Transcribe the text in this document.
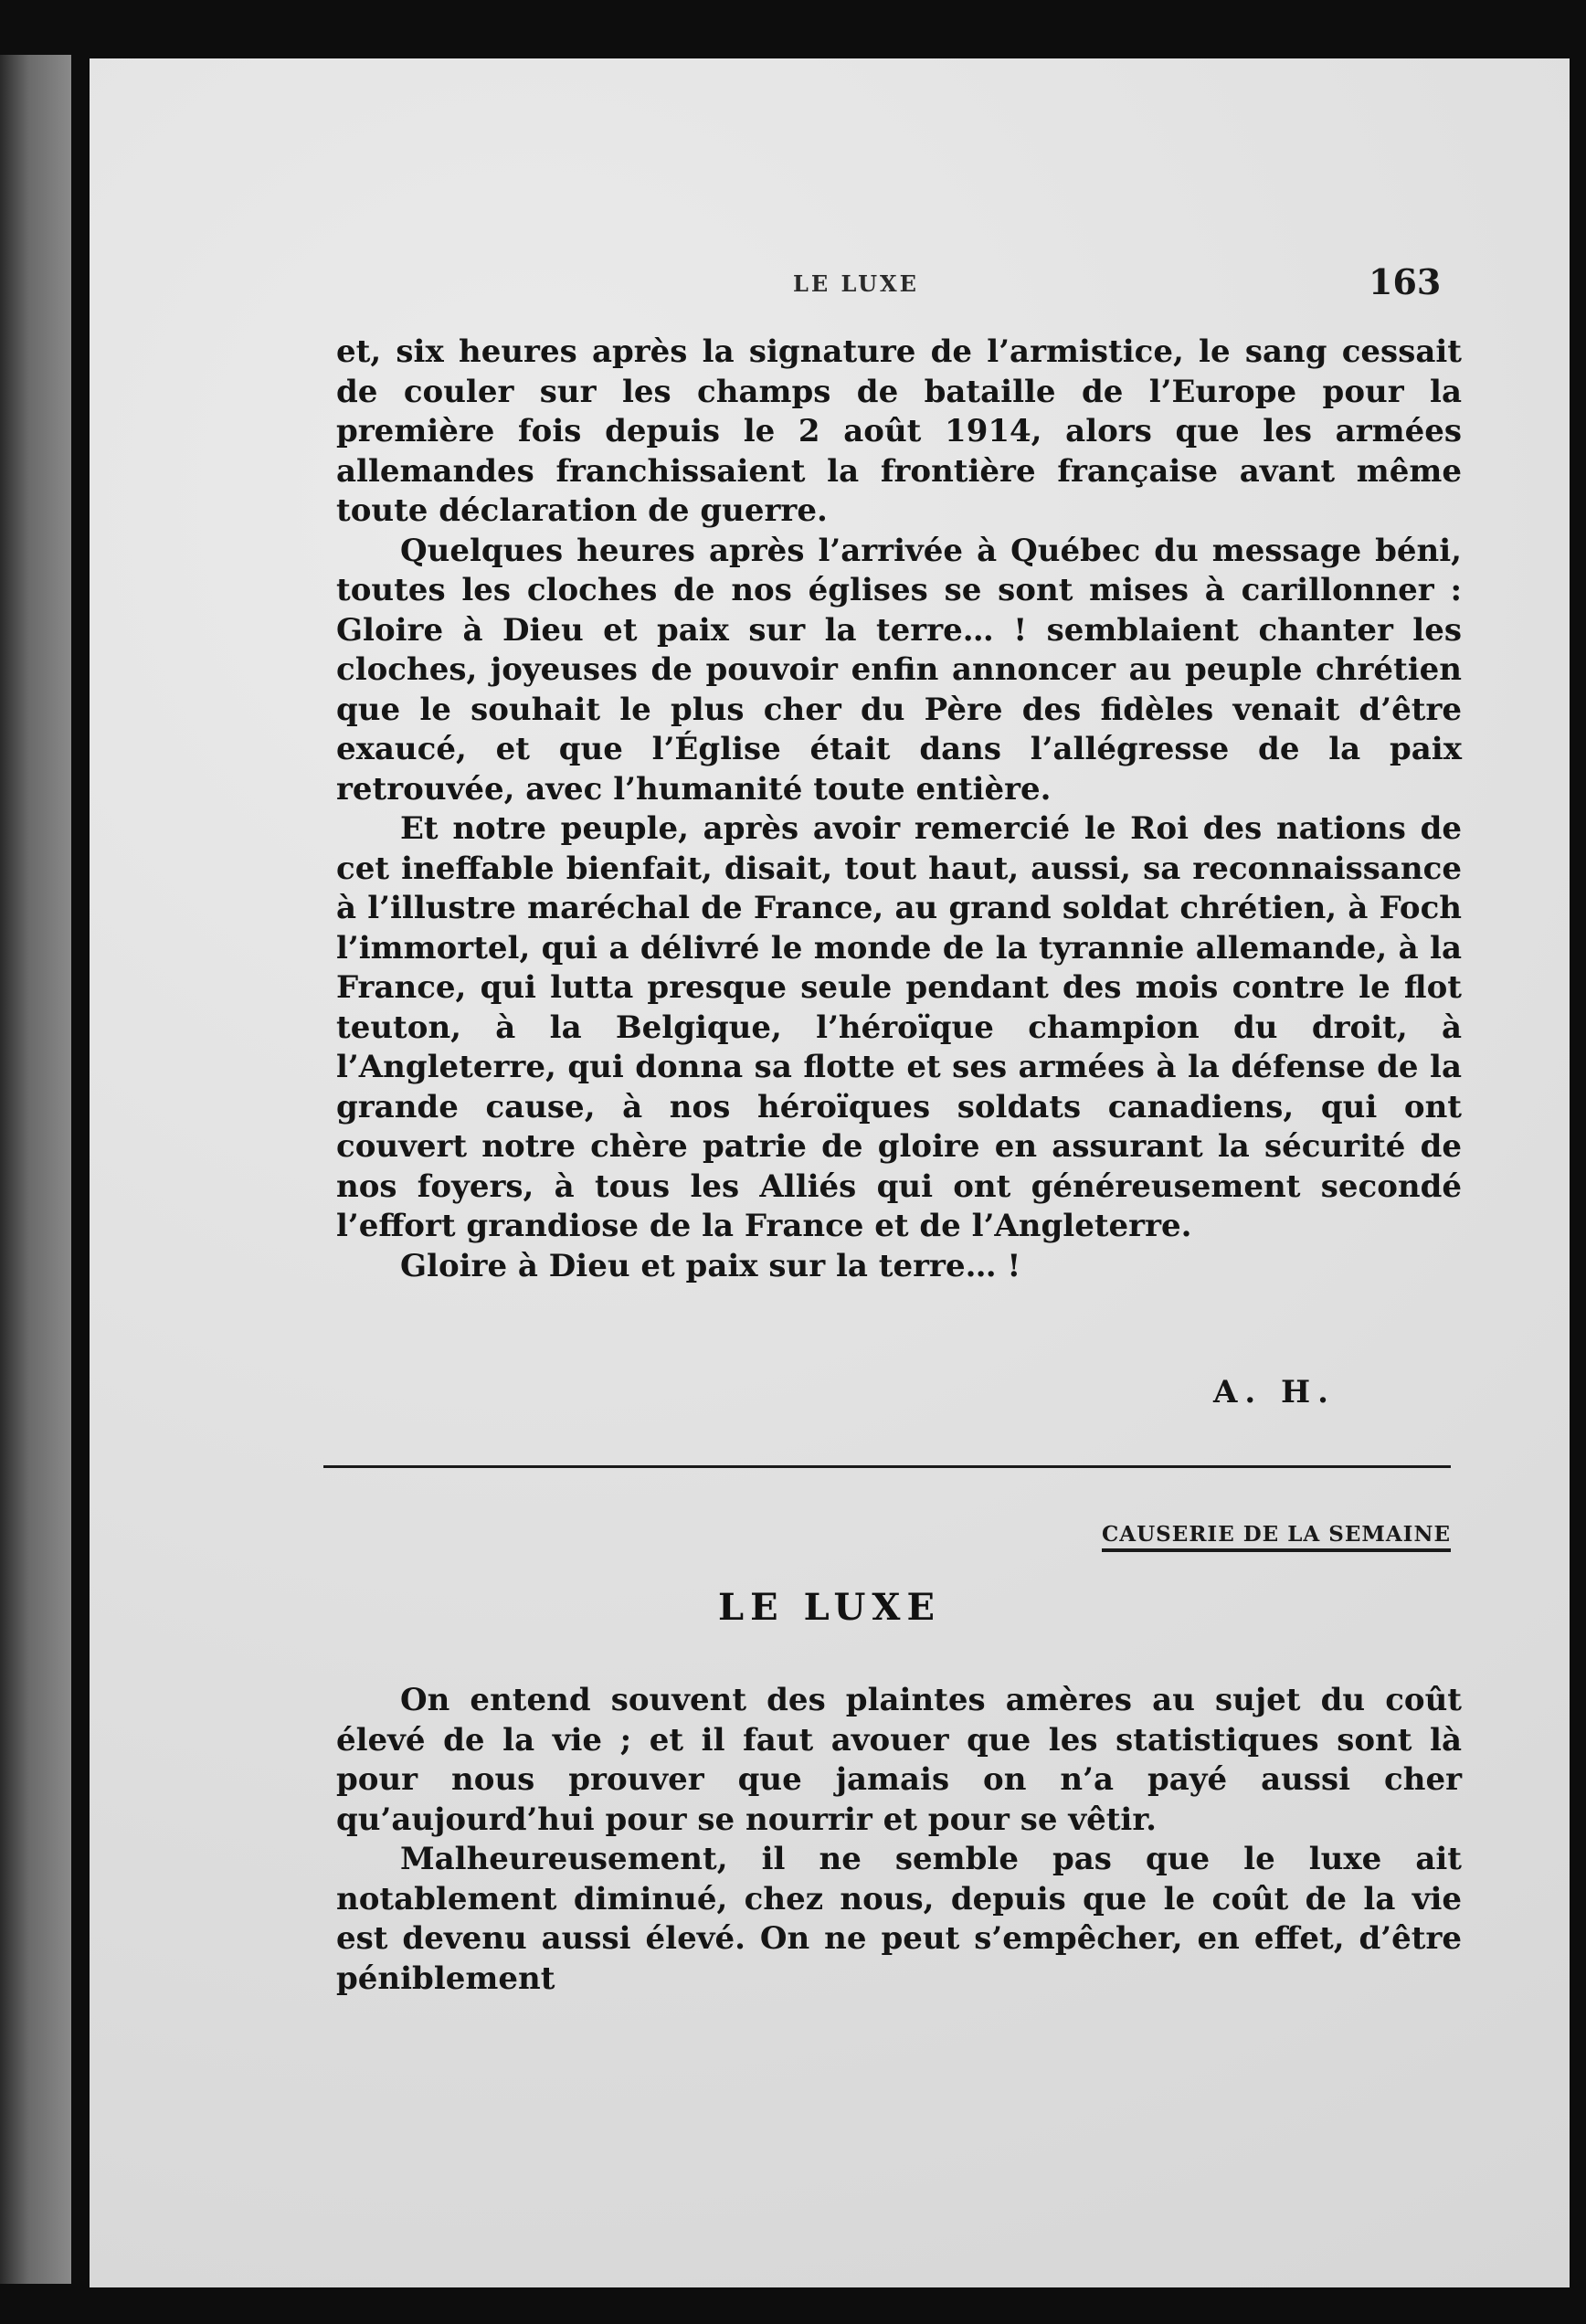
LE LUXE	163

et, six heures après la signature de l’armistice, le sang cessait de couler sur les champs de bataille de l’Europe pour la première fois depuis le 2 août 1914, alors que les armées allemandes franchissaient la frontière française avant même toute déclaration de guerre.

Quelques heures après l’arrivée à Québec du message béni, toutes les cloches de nos églises se sont mises à carillonner : Gloire à Dieu et paix sur la terre… ! semblaient chanter les cloches, joyeuses de pouvoir enfin annoncer au peuple chrétien que le souhait le plus cher du Père des fidèles venait d’être exaucé, et que l’Église était dans l’allégresse de la paix retrouvée, avec l’humanité toute entière.

Et notre peuple, après avoir remercié le Roi des nations de cet ineffable bienfait, disait, tout haut, aussi, sa reconnaissance à l’illustre maréchal de France, au grand soldat chrétien, à Foch l’immortel, qui a délivré le monde de la tyrannie allemande, à la France, qui lutta presque seule pendant des mois contre le flot teuton, à la Belgique, l’héroïque champion du droit, à l’Angleterre, qui donna sa flotte et ses armées à la défense de la grande cause, à nos héroïques soldats canadiens, qui ont couvert notre chère patrie de gloire en assurant la sécurité de nos foyers, à tous les Alliés qui ont généreusement secondé l’effort grandiose de la France et de l’Angleterre.

Gloire à Dieu et paix sur la terre… !

A. H.
CAUSERIE DE LA SEMAINE
LE LUXE

On entend souvent des plaintes amères au sujet du coût élevé de la vie ; et il faut avouer que les statistiques sont là pour nous prouver que jamais on n’a payé aussi cher qu’aujourd’hui pour se nourrir et pour se vêtir.

Malheureusement, il ne semble pas que le luxe ait notablement diminué, chez nous, depuis que le coût de la vie est devenu aussi élevé. On ne peut s’empêcher, en effet, d’être péniblement
